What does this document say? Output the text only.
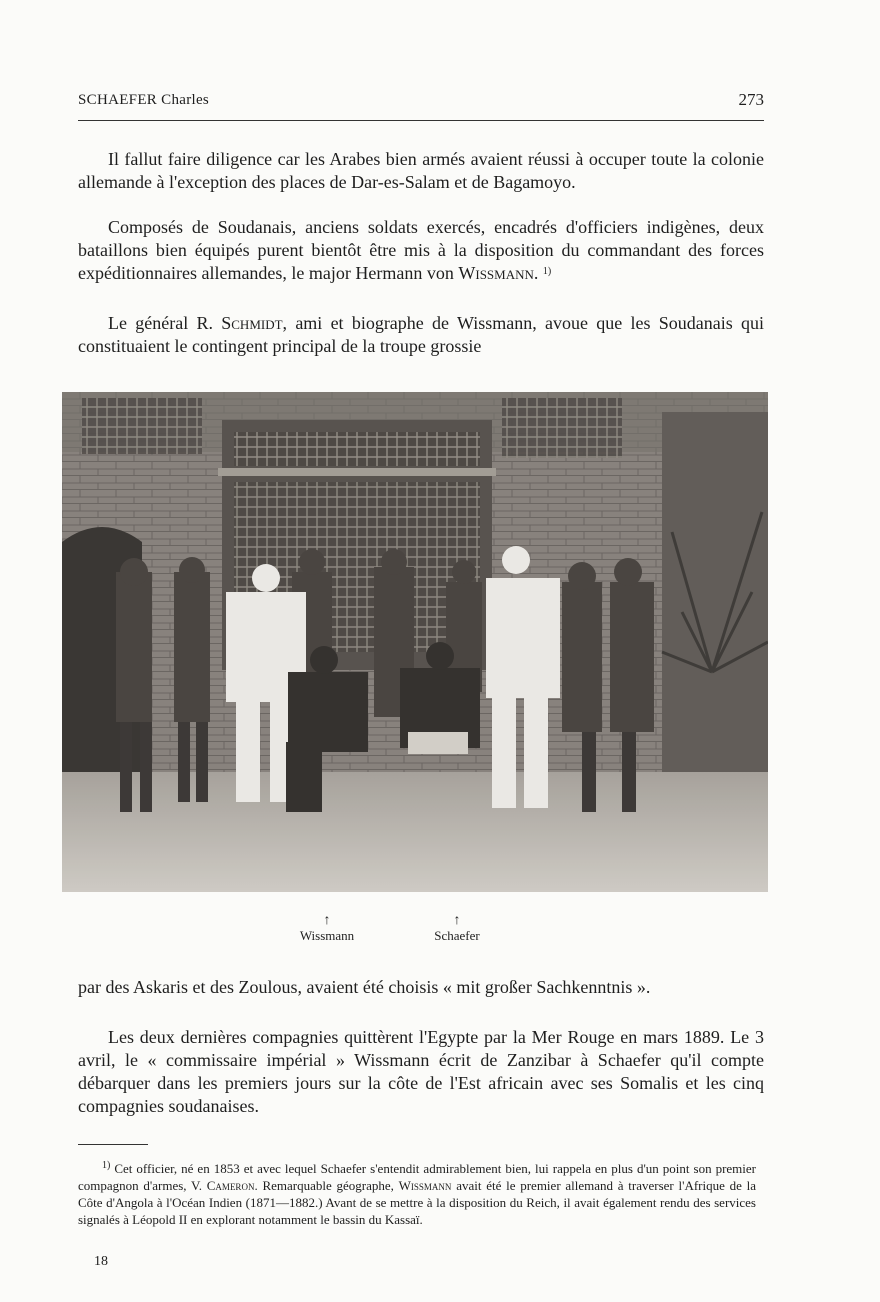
SCHAEFER Charles	273

Il fallut faire diligence car les Arabes bien armés avaient réussi à occuper toute la colonie allemande à l'exception des places de Dar-es-Salam et de Bagamoyo.

Composés de Soudanais, anciens soldats exercés, encadrés d'officiers indigènes, deux bataillons bien équipés purent bientôt être mis à la disposition du commandant des forces expéditionnaires allemandes, le major Hermann von Wissmann. $^{1)}$

Le général R. Schmidt, ami et biographe de Wissmann, avoue que les Soudanais qui constituaient le contingent principal de la troupe grossie

↑
Wissmann
↑
Schaefer

par des Askaris et des Zoulous, avaient été choisis « mit großer Sachkenntnis ».

Les deux dernières compagnies quittèrent l'Egypte par la Mer Rouge en mars 1889. Le 3 avril, le « commissaire impérial » Wissmann écrit de Zanzibar à Schaefer qu'il compte débarquer dans les premiers jours sur la côte de l'Est africain avec ses Somalis et les cinq compagnies soudanaises.

$^{1)}$ Cet officier, né en 1853 et avec lequel Schaefer s'entendit admirablement bien, lui rappela en plus d'un point son premier compagnon d'armes, V. Cameron. Remarquable géographe, Wissmann avait été le premier allemand à traverser l'Afrique de la Côte d'Angola à l'Océan Indien (1871—1882.) Avant de se mettre à la disposition du Reich, il avait également rendu des services signalés à Léopold II en explorant notamment le bassin du Kassaï.

18
